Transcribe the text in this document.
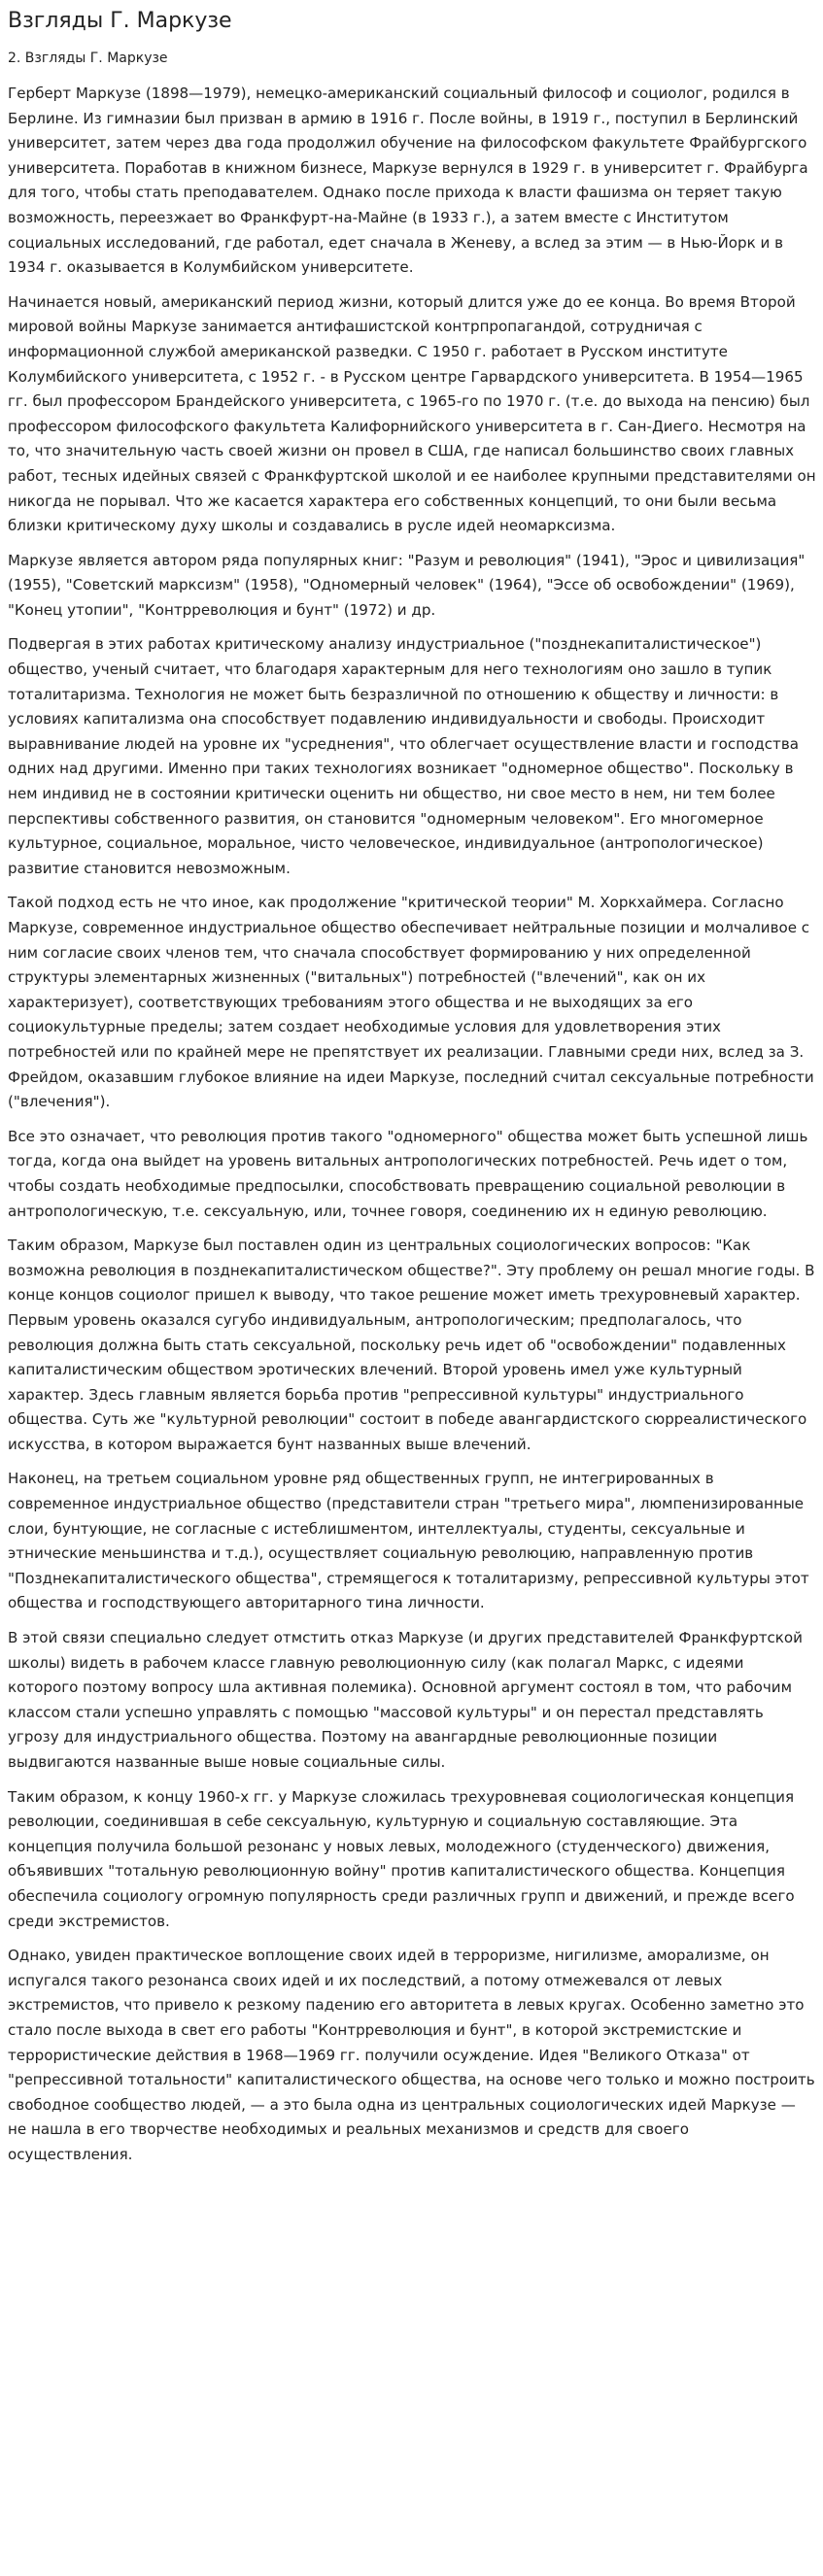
Взгляды Г. Маркузе
2. Взгляды Г. Маркузе

Герберт Маркузе (1898—1979), немецко-американский социальный философ и социолог, родился в Берлине. Из гимназии был призван в армию в 1916 г. После войны, в 1919 г., поступил в Берлинский университет, затем через два года продолжил обучение на философском факультете Фрайбургского университета. Поработав в книжном бизнесе, Маркузе вернулся в 1929 г. в университет г. Фрайбурга для того, чтобы стать преподавателем. Однако после прихода к власти фашизма он теряет такую возможность, переезжает во Франкфурт-на-Майне (в 1933 г.), а затем вместе с Институтом социальных исследований, где работал, едет сначала в Женеву, а вслед за этим — в Нью-Йорк и в 1934 г. оказывается в Колумбийском университете.

Начинается новый, американский период жизни, который длится уже до ее конца. Во время Второй мировой войны Маркузе занимается антифашистской контрпропагандой, сотрудничая с информационной службой американской разведки. С 1950 г. работает в Русском институте Колумбийского университета, с 1952 г. - в Русском центре Гарвардского университета. В 1954—1965 гг. был профессором Брандейского университета, с 1965-го по 1970 г. (т.е. до выхода на пенсию) был профессором философского факультета Калифорнийского университета в г. Сан-Диего. Несмотря на то, что значительную часть своей жизни он провел в США, где написал большинство своих главных работ, тесных идейных связей с Франкфуртской школой и ее наиболее крупными представителями он никогда не порывал. Что же касается характера его собственных концепций, то они были весьма близки критическому духу школы и создавались в русле идей неомарксизма.

Маркузе является автором ряда популярных книг: "Разум и революция" (1941), "Эрос и цивилизация" (1955), "Советский марксизм" (1958), "Одномерный человек" (1964), "Эссе об освобождении" (1969), "Конец утопии", "Контрреволюция и бунт" (1972) и др.

Подвергая в этих работах критическому анализу индустриальное ("позднекапиталистическое") общество, ученый считает, что благодаря характерным для него технологиям оно зашло в тупик тоталитаризма. Технология не может быть безразличной по отношению к обществу и личности: в условиях капитализма она способствует подавлению индивидуальности и свободы. Происходит выравнивание людей на уровне их "усреднения", что облегчает осуществление власти и господства одних над другими. Именно при таких технологиях возникает "одномерное общество". Поскольку в нем индивид не в состоянии критически оценить ни общество, ни свое место в нем, ни тем более перспективы собственного развития, он становится "одномерным человеком". Его многомерное культурное, социальное, моральное, чисто человеческое, индивидуальное (антропологическое) развитие становится невозможным.

Такой подход есть не что иное, как продолжение "критической теории" М. Хоркхаймера. Согласно Маркузе, современное индустриальное общество обеспечивает нейтральные позиции и молчаливое с ним согласие своих членов тем, что сначала способствует формированию у них определенной структуры элементарных жизненных ("витальных") потребностей ("влечений", как он их характеризует), соответствующих требованиям этого общества и не выходящих за его социокультурные пределы; затем создает необходимые условия для удовлетворения этих потребностей или по крайней мере не препятствует их реализации. Главными среди них, вслед за З. Фрейдом, оказавшим глубокое влияние на идеи Маркузе, последний считал сексуальные потребности ("влечения").

Все это означает, что революция против такого "одномерного" общества может быть успешной лишь тогда, когда она выйдет на уровень витальных антропологических потребностей. Речь идет о том, чтобы создать необходимые предпосылки, способствовать превращению социальной революции в антропологическую, т.е. сексуальную, или, точнее говоря, соединению их н единую революцию.

Таким образом, Маркузе был поставлен один из центральных социологических вопросов: "Как возможна революция в позднекапиталистическом обществе?". Эту проблему он решал многие годы. В конце концов социолог пришел к выводу, что такое решение может иметь трехуровневый характер. Первым уровень оказался сугубо индивидуальным, антропологическим; предполагалось, что революция должна быть стать сексуальной, поскольку речь идет об "освобождении" подавленных капиталистическим обществом эротических влечений. Второй уровень имел уже культурный характер. Здесь главным является борьба против "репрессивной культуры" индустриального общества. Суть же "культурной революции" состоит в победе авангардистского сюрреалистического искусства, в котором выражается бунт названных выше влечений.

Наконец, на третьем социальном уровне ряд общественных групп, не интегрированных в современное индустриальное общество (представители стран "третьего мира", люмпенизированные слои, бунтующие, не согласные с истеблишментом, интеллектуалы, студенты, сексуальные и этнические меньшинства и т.д.), осуществляет социальную революцию, направленную против "Позднекапиталистического общества", стремящегося к тоталитаризму, репрессивной культуры этот общества и господствующего авторитарного тина личности.

В этой связи специально следует отмстить отказ Маркузе (и других представителей Франкфуртской школы) видеть в рабочем классе главную революционную силу (как полагал Маркс, с идеями которого поэтому вопросу шла активная полемика). Основной аргумент состоял в том, что рабочим классом стали успешно управлять с помощью "массовой культуры" и он перестал представлять угрозу для индустриального общества. Поэтому на авангардные революционные позиции выдвигаются названные выше новые социальные силы.

Таким образом, к концу 1960-х гг. у Маркузе сложилась трехуровневая социологическая концепция революции, соединившая в себе сексуальную, культурную и социальную составляющие. Эта концепция получила большой резонанс у новых левых, молодежного (студенческого) движения, объявивших "тотальную революционную войну" против капиталистического общества. Концепция обеспечила социологу огромную популярность среди различных групп и движений, и прежде всего среди экстремистов.

Однако, увиден практическое воплощение своих идей в терроризме, нигилизме, аморализме, он испугался такого резонанса своих идей и их последствий, а потому отмежевался от левых экстремистов, что привело к резкому падению его авторитета в левых кругах. Особенно заметно это стало после выхода в свет его работы "Контрреволюция и бунт", в которой экстремистские и террористические действия в 1968—1969 гг. получили осуждение. Идея "Великого Отказа" от "репрессивной тотальности" капиталистического общества, на основе чего только и можно построить свободное сообщество людей, — а это была одна из центральных социологических идей Маркузе — не нашла в его творчестве необходимых и реальных механизмов и средств для своего осуществления.
